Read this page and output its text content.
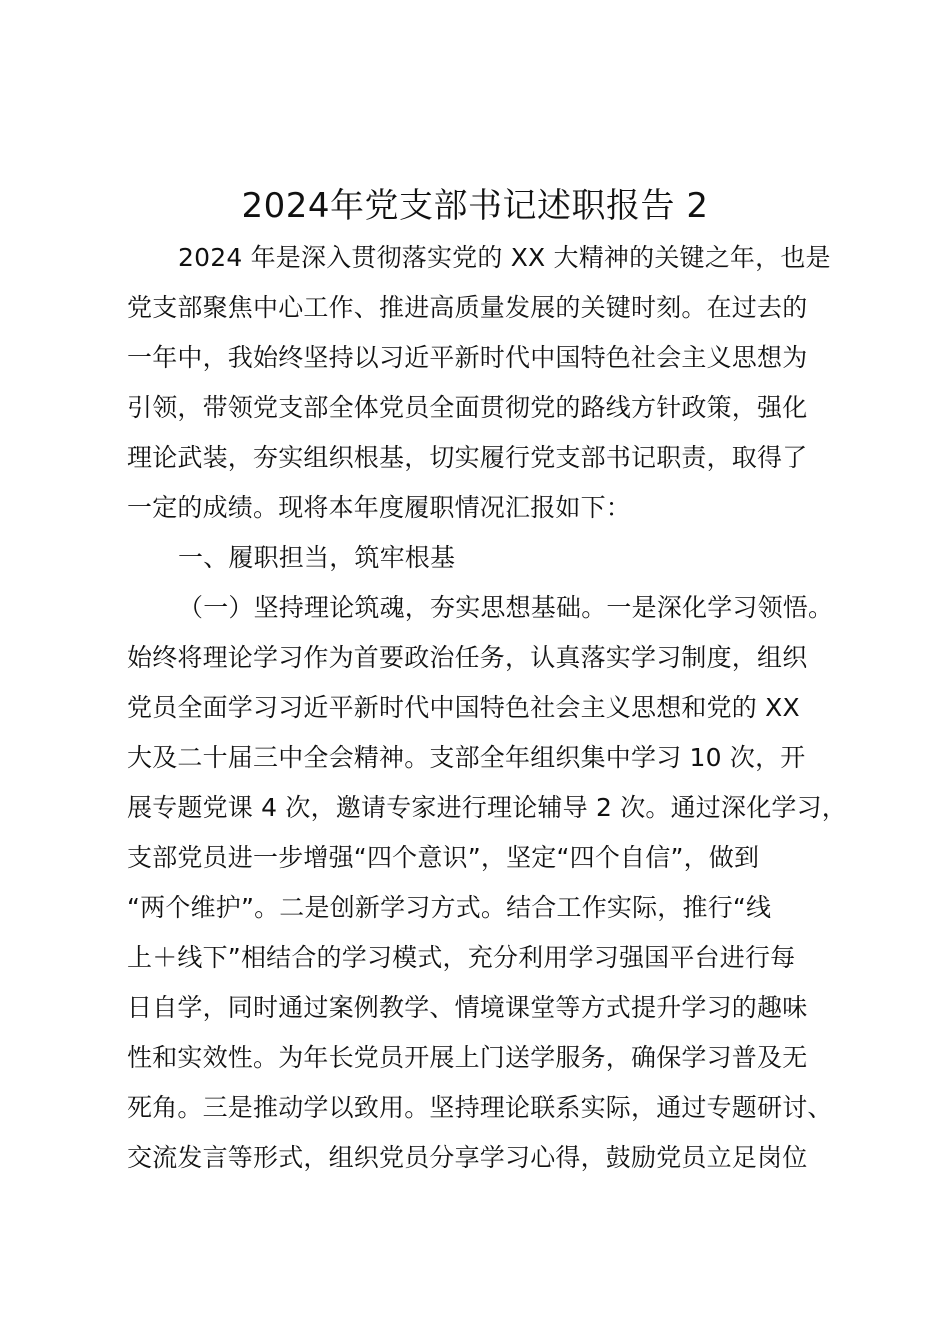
2024年党支部书记述职报告 2
2024 年是深入贯彻落实党的 XX 大精神的关键之年，也是
党支部聚焦中心工作、推进高质量发展的关键时刻。在过去的
一年中，我始终坚持以习近平新时代中国特色社会主义思想为
引领，带领党支部全体党员全面贯彻党的路线方针政策，强化
理论武装，夯实组织根基，切实履行党支部书记职责，取得了
一定的成绩。现将本年度履职情况汇报如下：
一、履职担当，筑牢根基
（一）坚持理论筑魂，夯实思想基础。一是深化学习领悟。
始终将理论学习作为首要政治任务，认真落实学习制度，组织
党员全面学习习近平新时代中国特色社会主义思想和党的 XX
大及二十届三中全会精神。支部全年组织集中学习 10 次，开
展专题党课 4 次，邀请专家进行理论辅导 2 次。通过深化学习，
支部党员进一步增强“四个意识”，坚定“四个自信”，做到
“两个维护”。二是创新学习方式。结合工作实际，推行“线
上＋线下”相结合的学习模式，充分利用学习强国平台进行每
日自学，同时通过案例教学、情境课堂等方式提升学习的趣味
性和实效性。为年长党员开展上门送学服务，确保学习普及无
死角。三是推动学以致用。坚持理论联系实际，通过专题研讨、
交流发言等形式，组织党员分享学习心得，鼓励党员立足岗位
